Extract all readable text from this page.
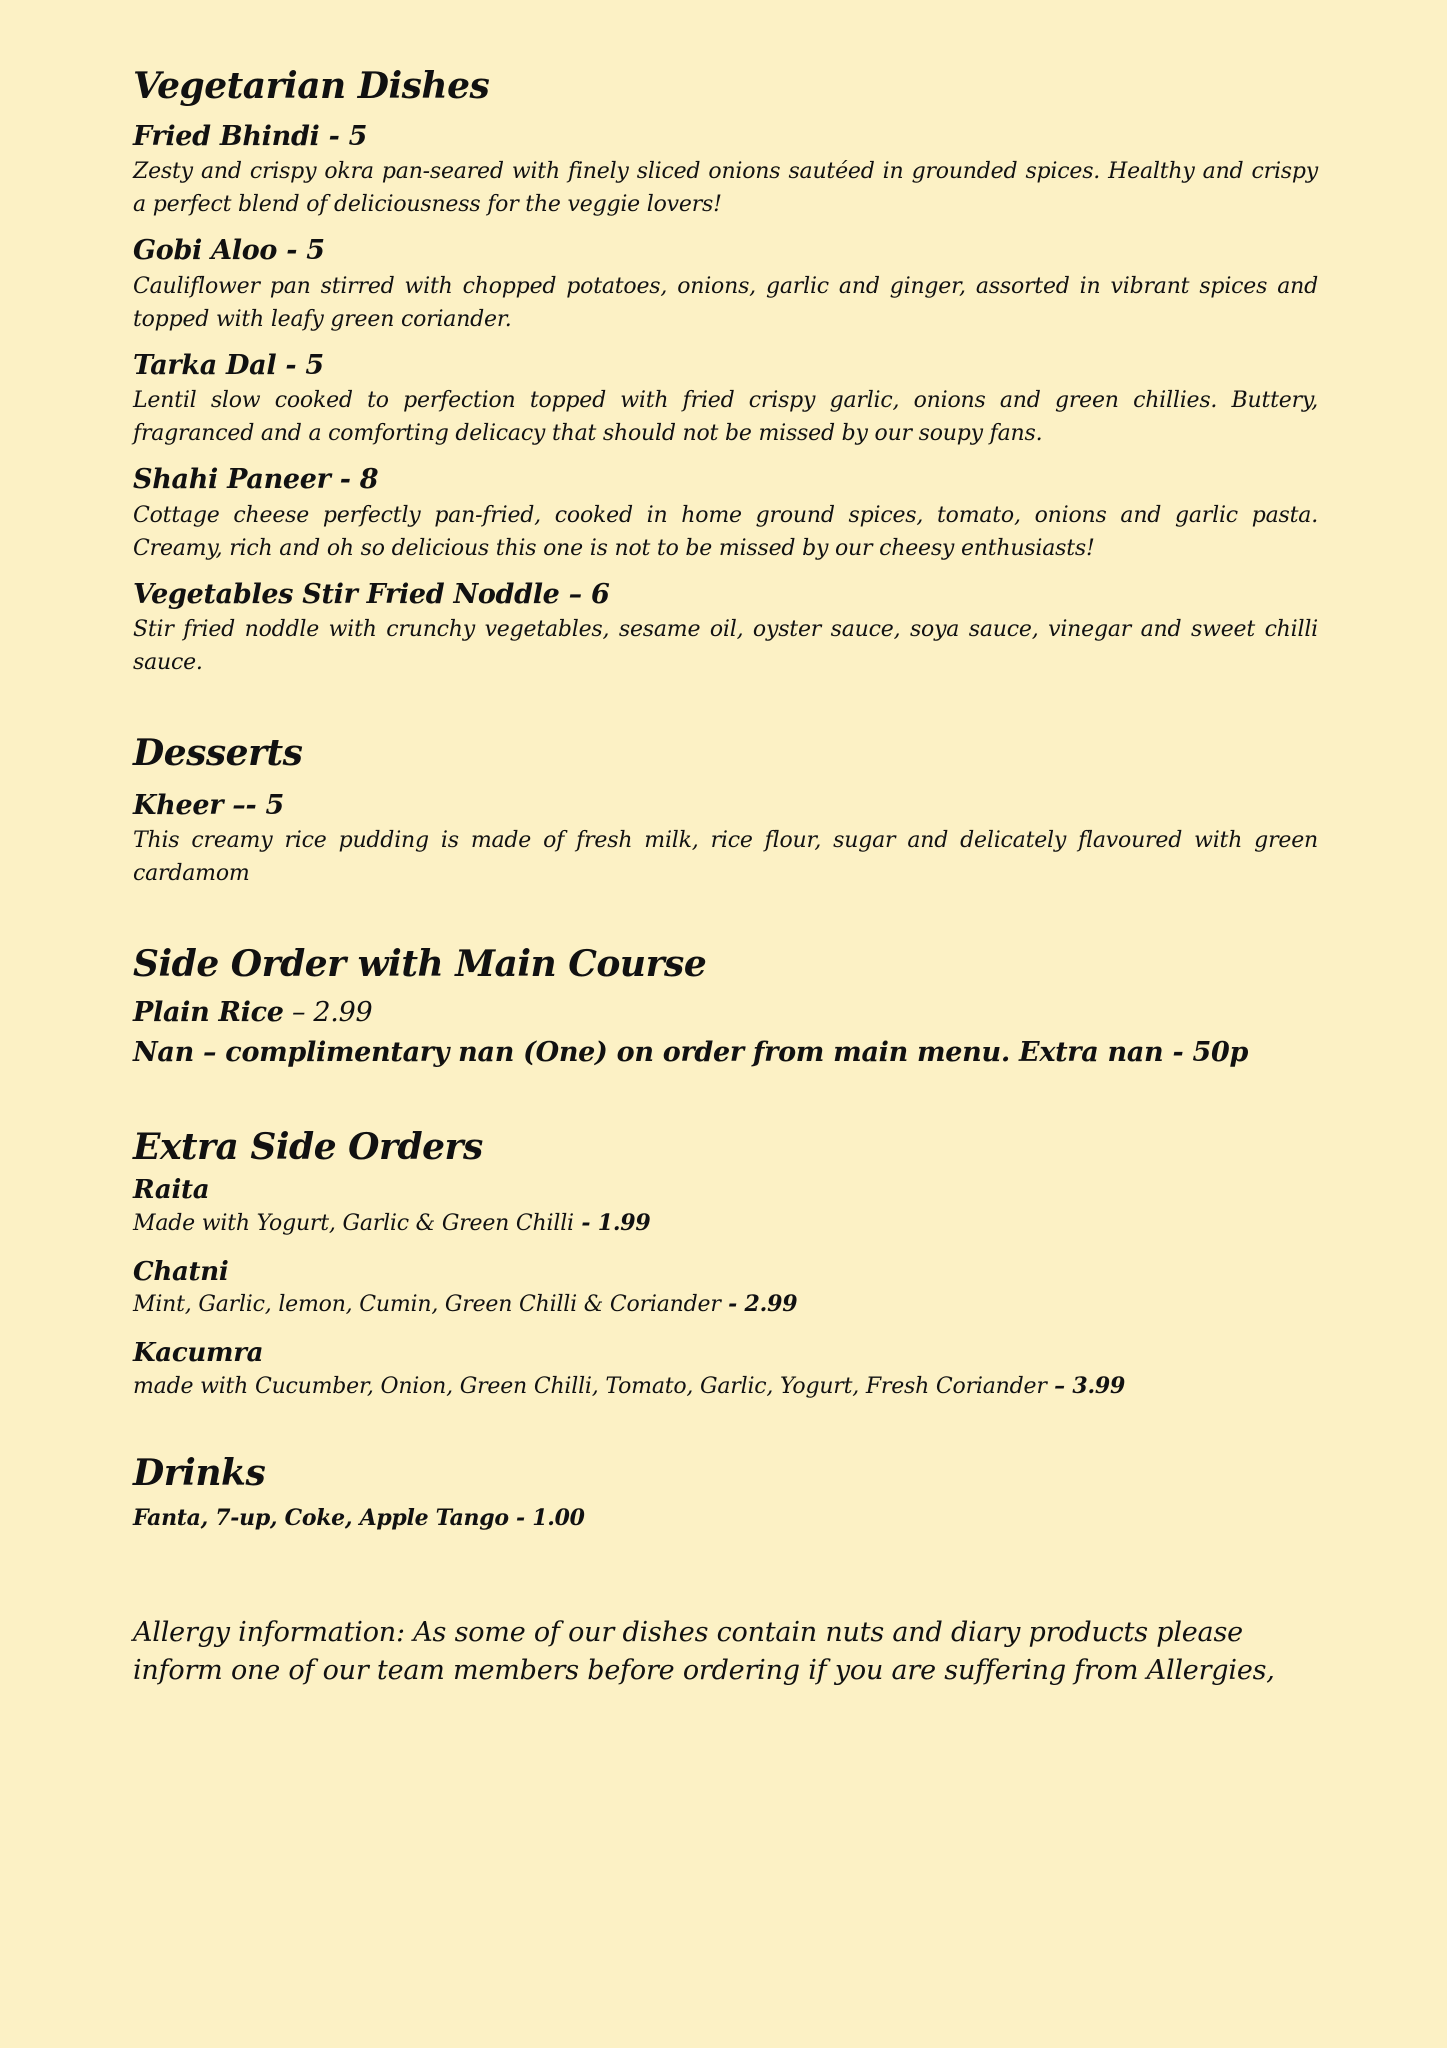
Vegetarian Dishes
Fried Bhindi - 5
Zesty and crispy okra pan-seared with finely sliced onions sautéed in grounded spices. Healthy and crispy a perfect blend of deliciousness for the veggie lovers!
Gobi Aloo - 5
Cauliflower pan stirred with chopped potatoes, onions, garlic and ginger, assorted in vibrant spices and topped with leafy green coriander.
Tarka Dal - 5
Lentil slow cooked to perfection topped with fried crispy garlic, onions and green chillies. Buttery, fragranced and a comforting delicacy that should not be missed by our soupy fans.
Shahi Paneer - 8
Cottage cheese perfectly pan-fried, cooked in home ground spices, tomato, onions and garlic pasta. Creamy, rich and oh so delicious this one is not to be missed by our cheesy enthusiasts!
Vegetables Stir Fried Noddle – 6
Stir fried noddle with crunchy vegetables, sesame oil, oyster sauce, soya sauce, vinegar and sweet chilli sauce.
Desserts
Kheer –- 5
This creamy rice pudding is made of fresh milk, rice flour, sugar and delicately flavoured with green cardamom
Side Order with Main Course
Plain Rice – 2.99
Nan – complimentary nan (One) on order from main menu. Extra nan - 50p
Extra Side Orders
Raita
Made with Yogurt, Garlic & Green Chilli - 1.99
Chatni
Mint, Garlic, lemon, Cumin, Green Chilli & Coriander - 2.99
Kacumra
made with Cucumber, Onion, Green Chilli, Tomato, Garlic, Yogurt, Fresh Coriander – 3.99
Drinks
Fanta, 7-up, Coke, Apple Tango - 1.00

Allergy information: As some of our dishes contain nuts and diary products please inform one of our team members before ordering if you are suffering from Allergies,
